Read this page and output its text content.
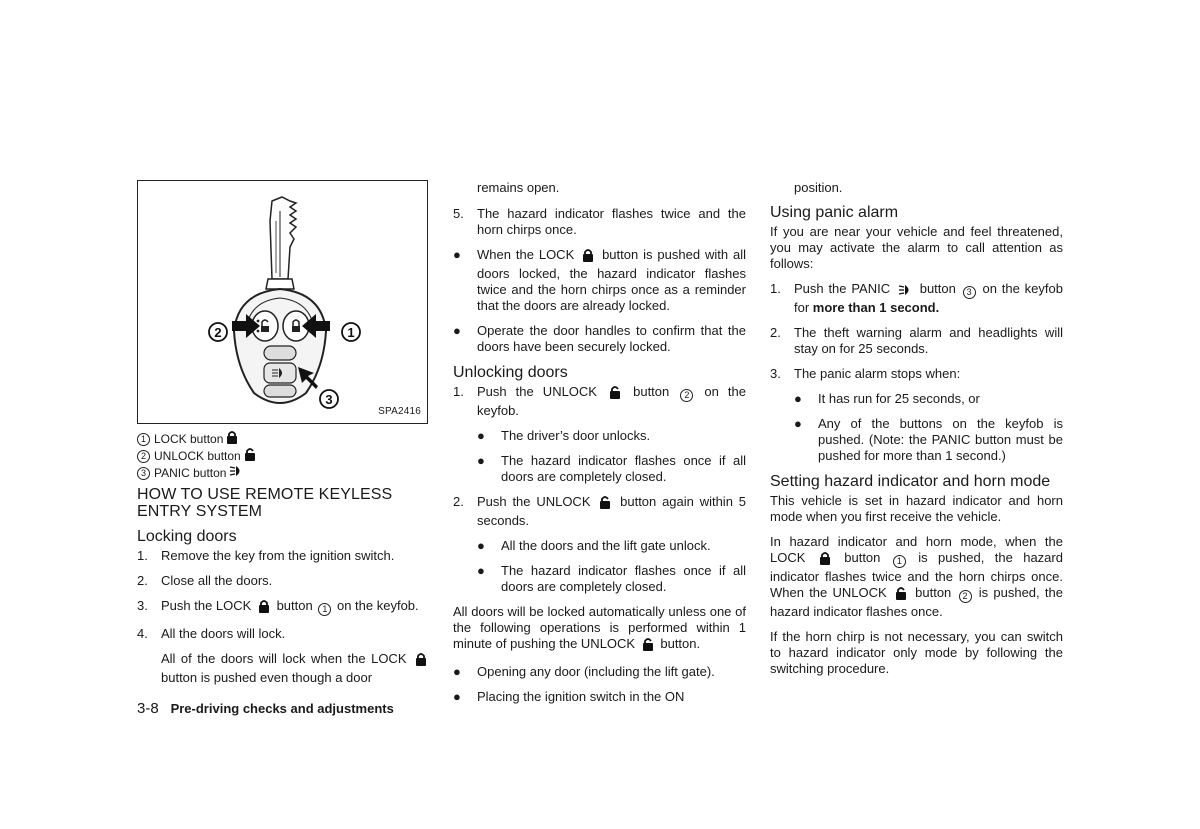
2	1
3
SPA2416
1 LOCK button
2 UNLOCK button
3 PANIC button
HOW TO USE REMOTE KEYLESS ENTRY SYSTEM
Locking doors
1.	Remove the key from the ignition switch.
2.	Close all the doors.
3.	Push the LOCK button 1 on the keyfob.
4.	All the doors will lock.
All of the doors will lock when the LOCK  button is pushed even though a door
remains open.
5.	The hazard indicator flashes twice and the horn chirps once.
●	When the LOCK button is pushed with all doors locked, the hazard indicator flashes twice and the horn chirps once as a reminder that the doors are already locked.
●	Operate the door handles to confirm that the doors have been securely locked.
Unlocking doors
1.	Push the UNLOCK	button 2 on the keyfob.
●	The driver’s door unlocks.
●	The hazard indicator flashes once if all doors are completely closed.
2.	Push the UNLOCK button again within 5 seconds.
●	All the doors and the lift gate unlock.
●	The hazard indicator flashes once if all doors are completely closed.

All doors will be locked automatically unless one of the following operations is performed within 1 minute of pushing the UNLOCK button.

●	Opening any door (including the lift gate).
●	Placing the ignition switch in the ON
position.
Using panic alarm

If you are near your vehicle and feel threatened, you may activate the alarm to call attention as follows:

1.	Push the PANIC button 3 on the keyfob for more than 1 second.
2.	The theft warning alarm and headlights will stay on for 25 seconds.
3.	The panic alarm stops when:
●	It has run for 25 seconds, or
●	Any of the buttons on the keyfob is pushed. (Note: the PANIC button must be pushed for more than 1 second.)
Setting hazard indicator and horn mode

This vehicle is set in hazard indicator and horn mode when you first receive the vehicle.

In hazard indicator and horn mode, when the LOCK	button 1 is pushed, the hazard indicator flashes twice and the horn chirps once. When the UNLOCK button 2 is pushed, the hazard indicator flashes once.

If the horn chirp is not necessary, you can switch to hazard indicator only mode by following the switching procedure.

3-8 Pre-driving checks and adjustments
